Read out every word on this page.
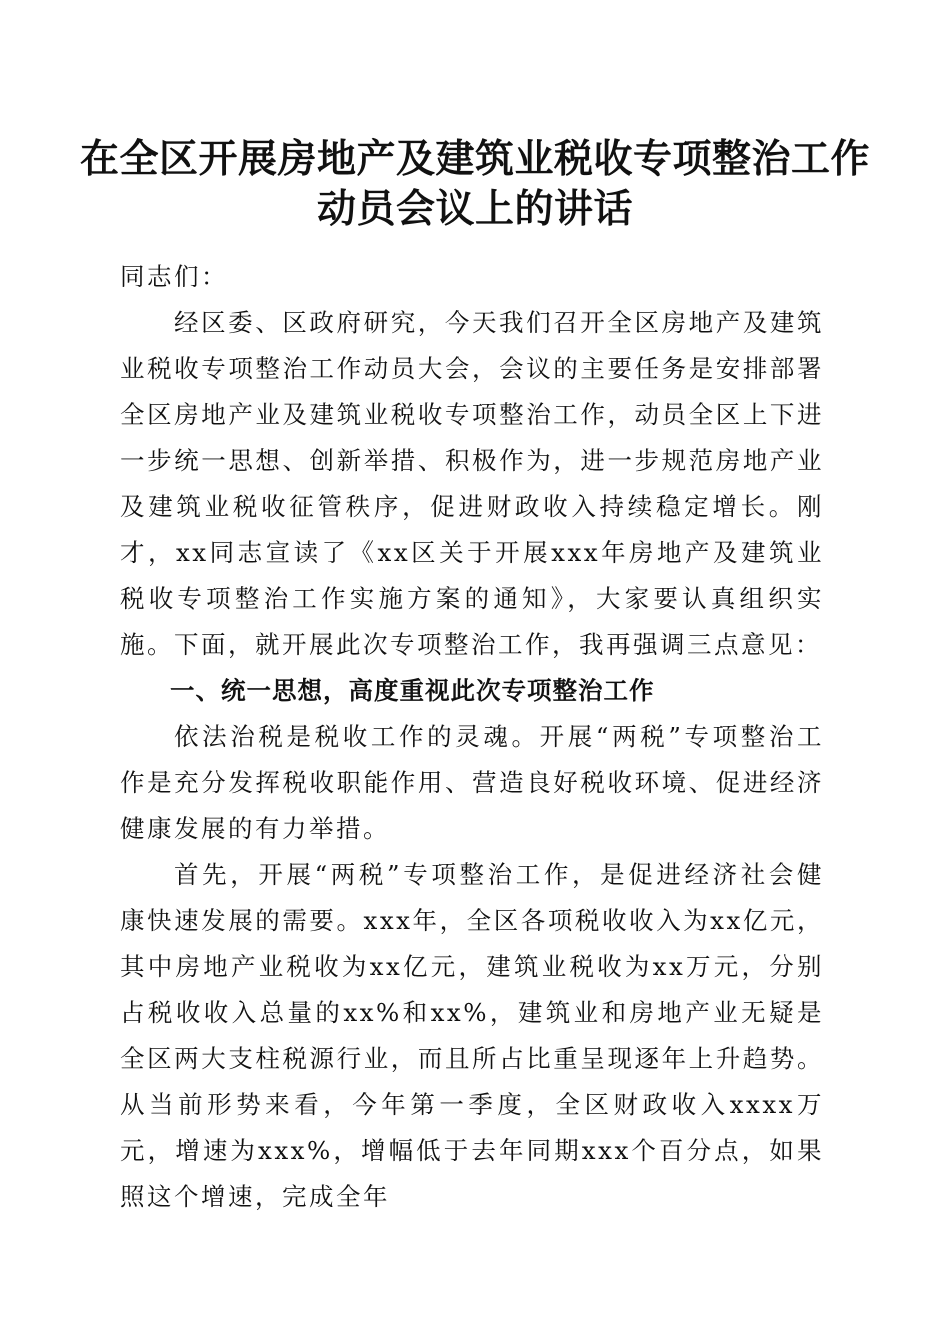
在全区开展房地产及建筑业税收专项整治工作
动员会议上的讲话

同志们：

经区委、区政府研究，今天我们召开全区房地产及建筑业税收专项整治工作动员大会，会议的主要任务是安排部署全区房地产业及建筑业税收专项整治工作，动员全区上下进一步统一思想、创新举措、积极作为，进一步规范房地产业及建筑业税收征管秩序，促进财政收入持续稳定增长。刚才，xx同志宣读了《xx区关于开展xxx年房地产及建筑业税收专项整治工作实施方案的通知》，大家要认真组织实施。下面，就开展此次专项整治工作，我再强调三点意见：

一、统一思想，高度重视此次专项整治工作

依法治税是税收工作的灵魂。开展“两税”专项整治工作是充分发挥税收职能作用、营造良好税收环境、促进经济健康发展的有力举措。

首先，开展“两税”专项整治工作，是促进经济社会健康快速发展的需要。xxx年，全区各项税收收入为xx亿元，其中房地产业税收为xx亿元，建筑业税收为xx万元，分别占税收收入总量的xx%和xx%，建筑业和房地产业无疑是全区两大支柱税源行业，而且所占比重呈现逐年上升趋势。从当前形势来看，今年第一季度，全区财政收入xxxx万元，增速为xxx%，增幅低于去年同期xxx个百分点，如果照这个增速，完成全年
